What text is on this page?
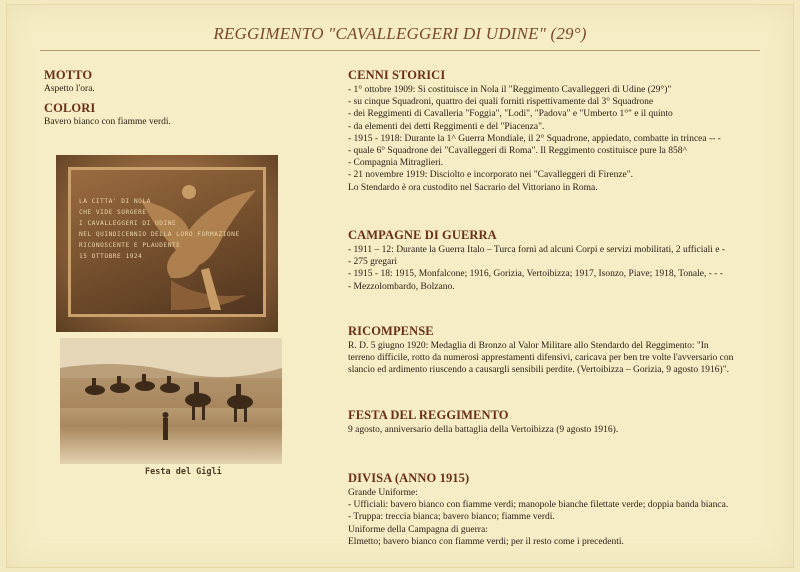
REGGIMENTO "CAVALLEGGERI DI UDINE" (29°)
MOTTO
Aspetto l'ora.
COLORI
Bavero bianco con fiamme verdi.
LA CITTA' DI NOLA
CHE VIDE SORGERE
I CAVALLEGGERI DI UDINE
NEL QUINDICENNIO DELLA LORO FORMAZIONE
RICONOSCENTE E PLAUDENTE
15 OTTOBRE 1924
Festa del Gigli
CENNI STORICI
- 1° ottobre 1909: Si costituisce in Nola il "Reggimento Cavalleggeri di Udine (29°)"
- su cinque Squadroni, quattro dei quali forniti rispettivamente dal 3° Squadrone
- dei Reggimenti di Cavalleria "Foggia", "Lodi", "Padova" e "Umberto 1°" e il quinto
- da elementi dei detti Reggimenti e del "Piacenza".
- 1915 - 1918: Durante la 1^ Guerra Mondiale, il 2° Squadrone, appiedato, combatte in trincea -- -
- quale 6° Squadrone dei "Cavalleggeri di Roma". Il Reggimento costituisce pure la 858^
- Compagnia Mitraglieri.
- 21 novembre 1919: Disciolto e incorporato nei "Cavalleggeri di Firenze".
Lo Stendardo è ora custodito nel Sacrario del Vittoriano in Roma.
CAMPAGNE DI GUERRA
- 1911 – 12: Durante la Guerra Italo – Turca fornì ad alcuni Corpi e servizi mobilitati, 2 ufficiali e -
- 275 gregari
- 1915 - 18: 1915, Monfalcone; 1916, Gorizia, Vertoibizza; 1917, Isonzo, Piave; 1918, Tonale, - - -
- Mezzolombardo, Bolzano.
RICOMPENSE
R. D. 5 giugno 1920: Medaglia di Bronzo al Valor Militare allo Stendardo del Reggimento: "In
terreno difficile, rotto da numerosi apprestamenti difensivi, caricava per ben tre volte l'avversario con
slancio ed ardimento riuscendo a causargli sensibili perdite. (Vertoibizza – Gorizia, 9 agosto 1916)".
FESTA DEL REGGIMENTO
9 agosto, anniversario della battaglia della Vertoibizza (9 agosto 1916).
DIVISA (ANNO 1915)
Grande Uniforme:
- Ufficiali: bavero bianco con fiamme verdi; manopole bianche filettate verde; doppia banda bianca.
- Truppa: treccia bianca; bavero bianco; fiamme verdi.
Uniforme della Campagna di guerra:
Elmetto; bavero bianco con fiamme verdi; per il resto come i precedenti.
